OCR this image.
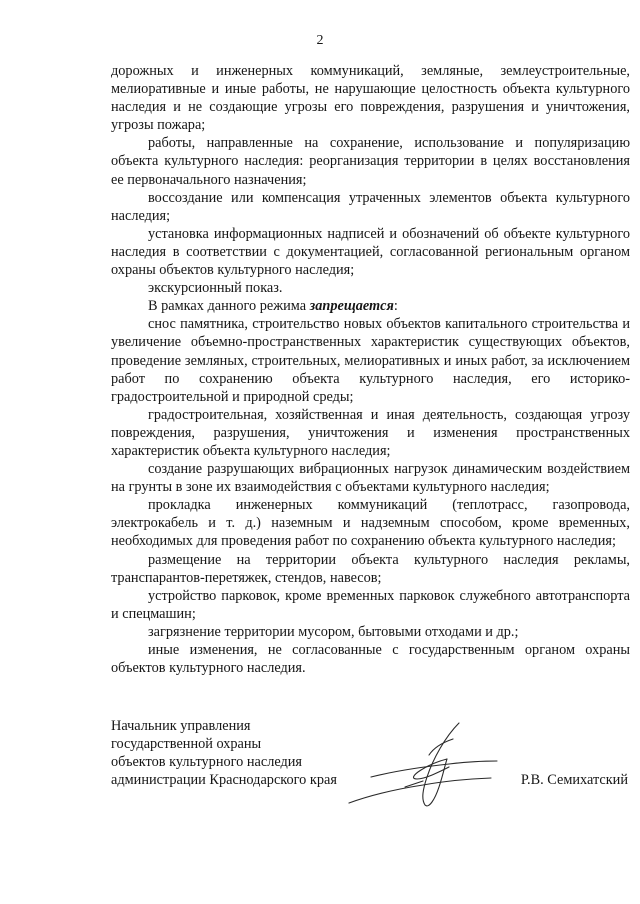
2

дорожных и инженерных коммуникаций, земляные, землеустроительные, мелиоративные и иные работы, не нарушающие целостность объекта культурного наследия и не создающие угрозы его повреждения, разрушения и уничтожения, угрозы пожара;

работы, направленные на сохранение, использование и популяризацию объекта культурного наследия: реорганизация территории в целях восстановления ее первоначального назначения;

воссоздание или компенсация утраченных элементов объекта культурного наследия;

установка информационных надписей и обозначений об объекте культурного наследия в соответствии с документацией, согласованной региональным органом охраны объектов культурного наследия;

экскурсионный показ.

В рамках данного режима запрещается:

снос памятника, строительство новых объектов капитального строительства и увеличение объемно-пространственных характеристик существующих объектов, проведение земляных, строительных, мелиоративных и иных работ, за исключением работ по сохранению объекта культурного наследия, его историко-градостроительной и природной среды;

градостроительная, хозяйственная и иная деятельность, создающая угрозу повреждения, разрушения, уничтожения и изменения пространственных характеристик объекта культурного наследия;

создание разрушающих вибрационных нагрузок динамическим воздействием на грунты в зоне их взаимодействия с объектами культурного наследия;

прокладка инженерных коммуникаций (теплотрасс, газопровода, электрокабель и т. д.) наземным и надземным способом, кроме временных, необходимых для проведения работ по сохранению объекта культурного наследия;

размещение на территории объекта культурного наследия рекламы, транспарантов-перетяжек, стендов, навесов;

устройство парковок, кроме временных парковок служебного автотранспорта и спецмашин;

загрязнение территории мусором, бытовыми отходами и др.;

иные изменения, не согласованные с государственным органом охраны объектов культурного наследия.

Начальник управления
государственной охраны
объектов культурного наследия
администрации Краснодарского края	Р.В. Семихатский
